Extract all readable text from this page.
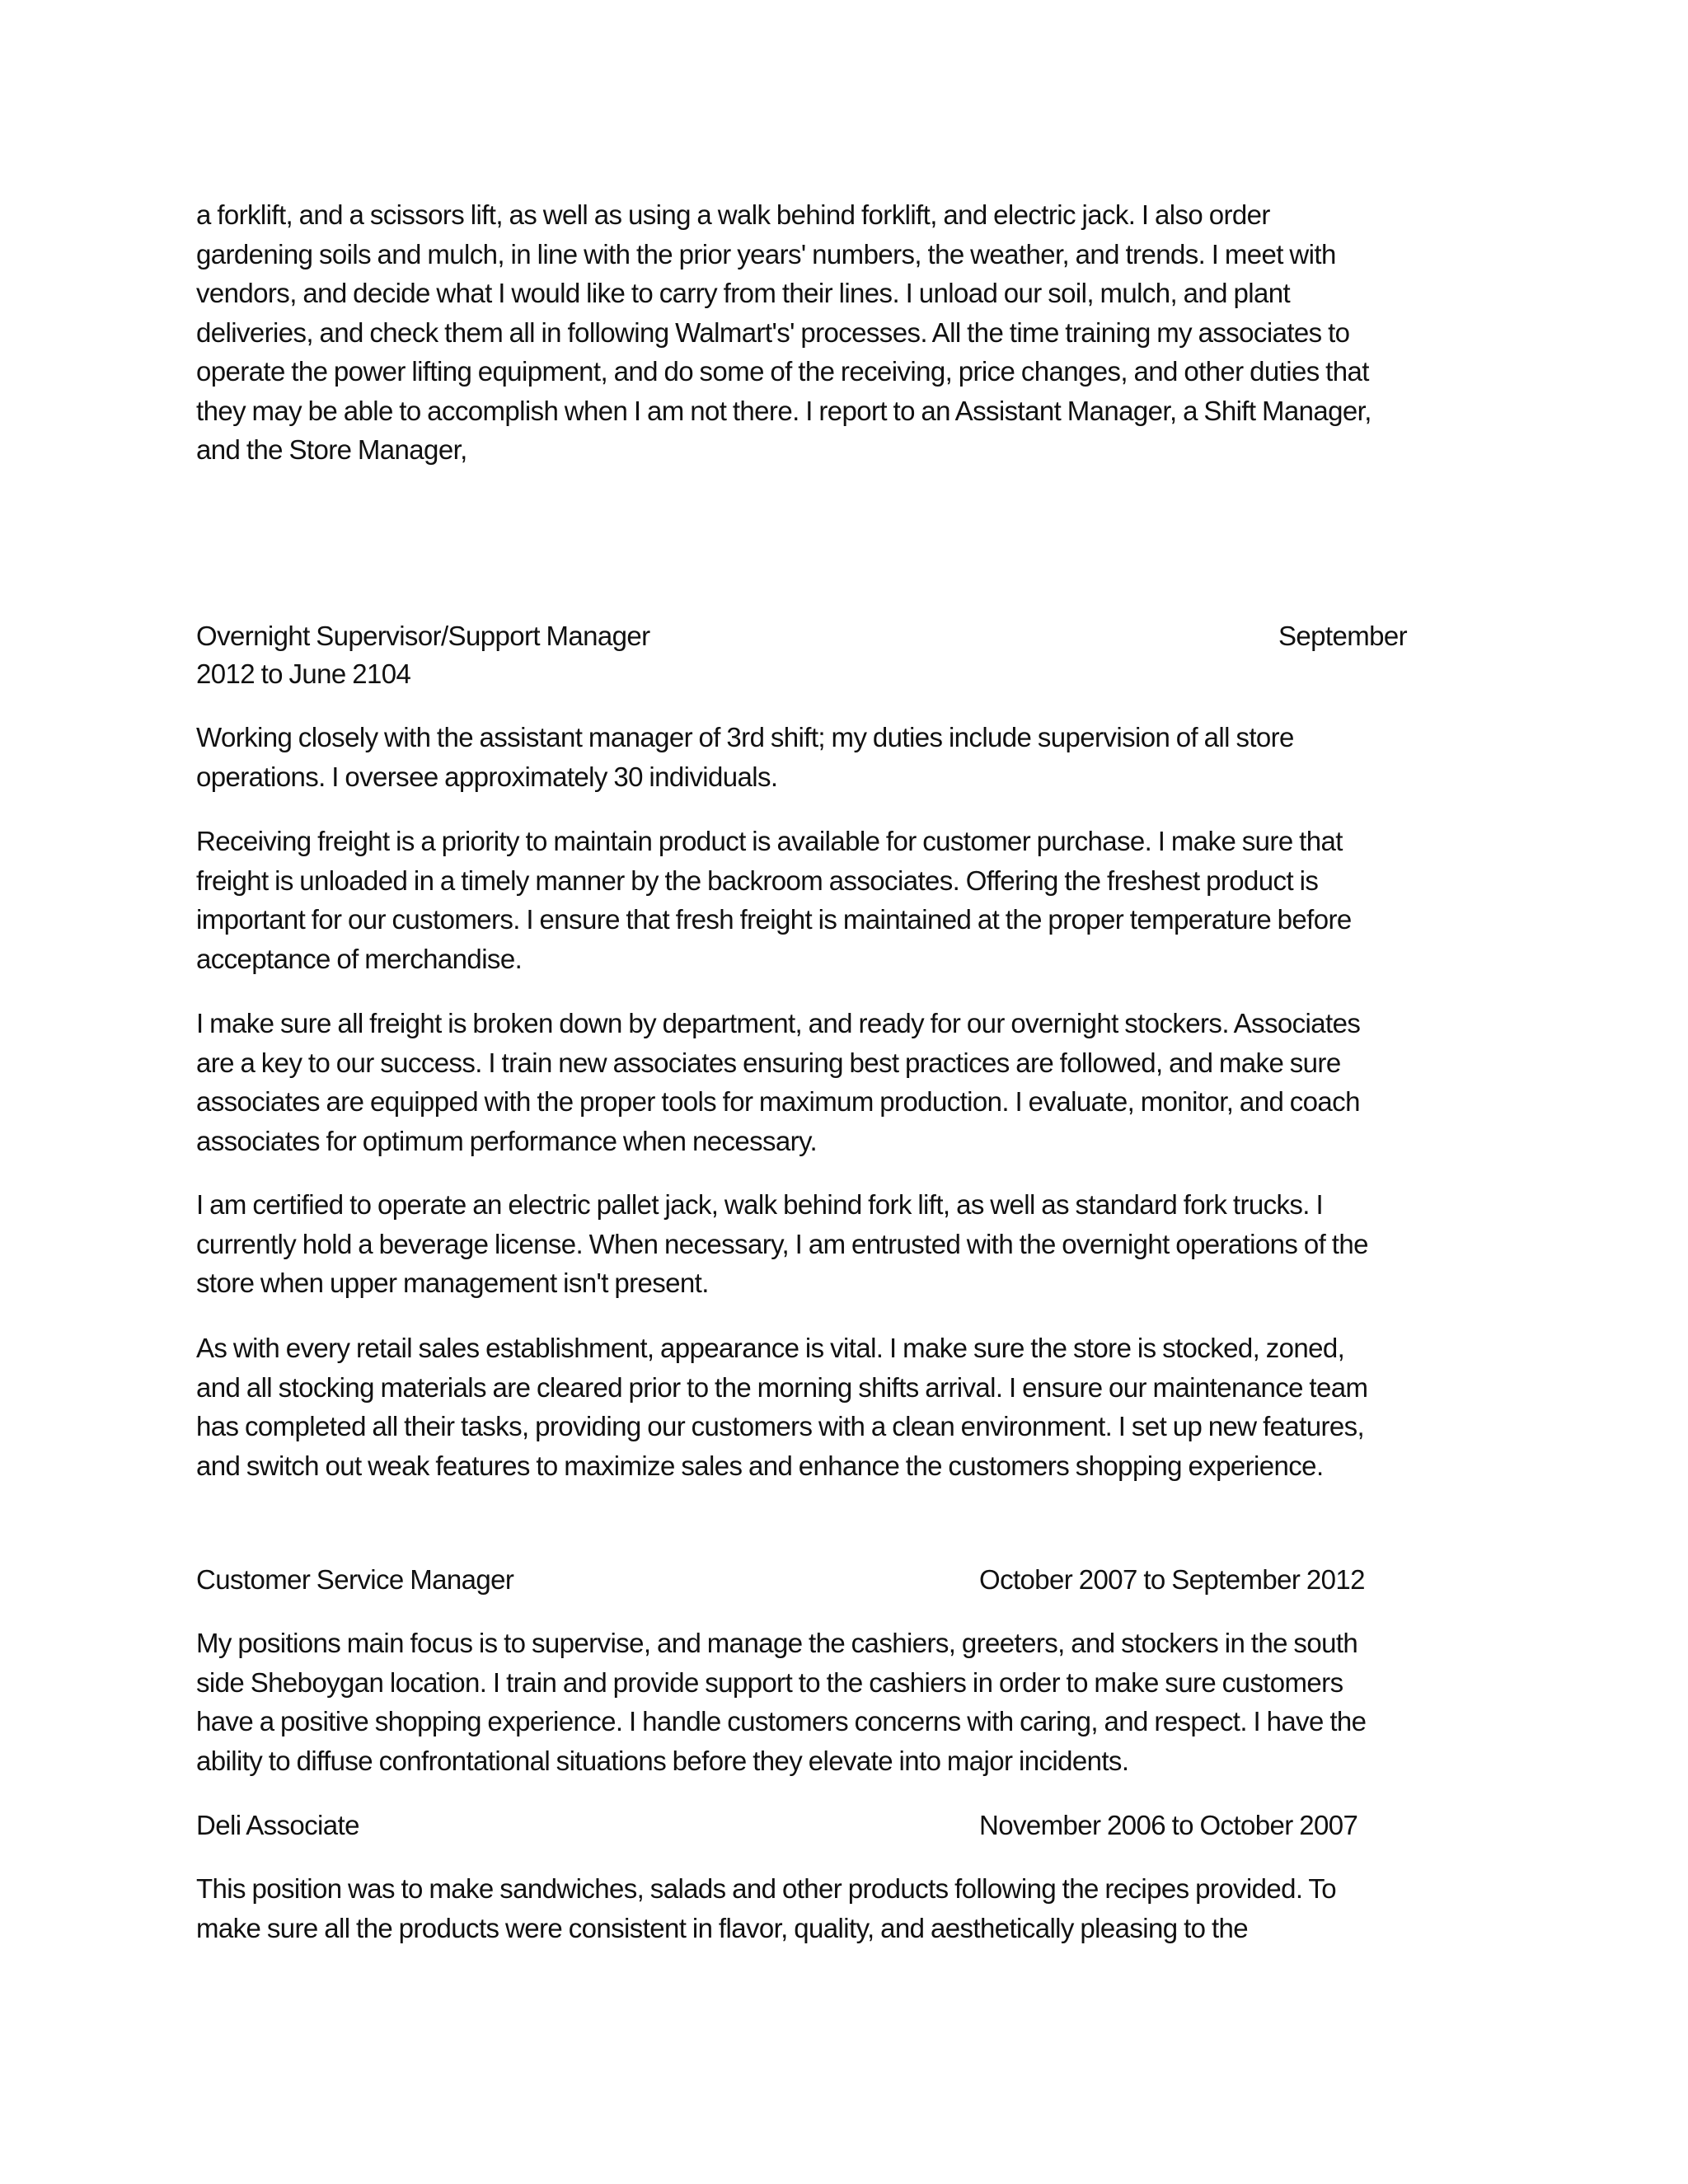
a forklift, and a scissors lift, as well as using a walk behind forklift, and electric jack. I also order
gardening soils and mulch, in line with the prior years' numbers, the weather, and trends. I meet with
vendors, and decide what I would like to carry from their lines. I unload our soil, mulch, and plant
deliveries, and check them all in following Walmart's' processes. All the time training my associates to
operate the power lifting equipment, and do some of the receiving, price changes, and other duties that
they may be able to accomplish when I am not there. I report to an Assistant Manager, a Shift Manager,
and the Store Manager,
Overnight Supervisor/Support Manager	September
2012 to June 2104
Working closely with the assistant manager of 3rd shift; my duties include supervision of all store
operations. I oversee approximately 30 individuals.
Receiving freight is a priority to maintain product is available for customer purchase. I make sure that
freight is unloaded in a timely manner by the backroom associates. Offering the freshest product is
important for our customers. I ensure that fresh freight is maintained at the proper temperature before
acceptance of merchandise.
I make sure all freight is broken down by department, and ready for our overnight stockers. Associates
are a key to our success. I train new associates ensuring best practices are followed, and make sure
associates are equipped with the proper tools for maximum production. I evaluate, monitor, and coach
associates for optimum performance when necessary.
I am certified to operate an electric pallet jack, walk behind fork lift, as well as standard fork trucks. I
currently hold a beverage license. When necessary, I am entrusted with the overnight operations of the
store when upper management isn't present.
As with every retail sales establishment, appearance is vital. I make sure the store is stocked, zoned,
and all stocking materials are cleared prior to the morning shifts arrival. I ensure our maintenance team
has completed all their tasks, providing our customers with a clean environment. I set up new features,
and switch out weak features to maximize sales and enhance the customers shopping experience.
Customer Service Manager	October 2007 to September 2012
My positions main focus is to supervise, and manage the cashiers, greeters, and stockers in the south
side Sheboygan location. I train and provide support to the cashiers in order to make sure customers
have a positive shopping experience. I handle customers concerns with caring, and respect. I have the
ability to diffuse confrontational situations before they elevate into major incidents.
Deli Associate	November 2006 to October 2007
This position was to make sandwiches, salads and other products following the recipes provided. To
make sure all the products were consistent in flavor, quality, and aesthetically pleasing to the
